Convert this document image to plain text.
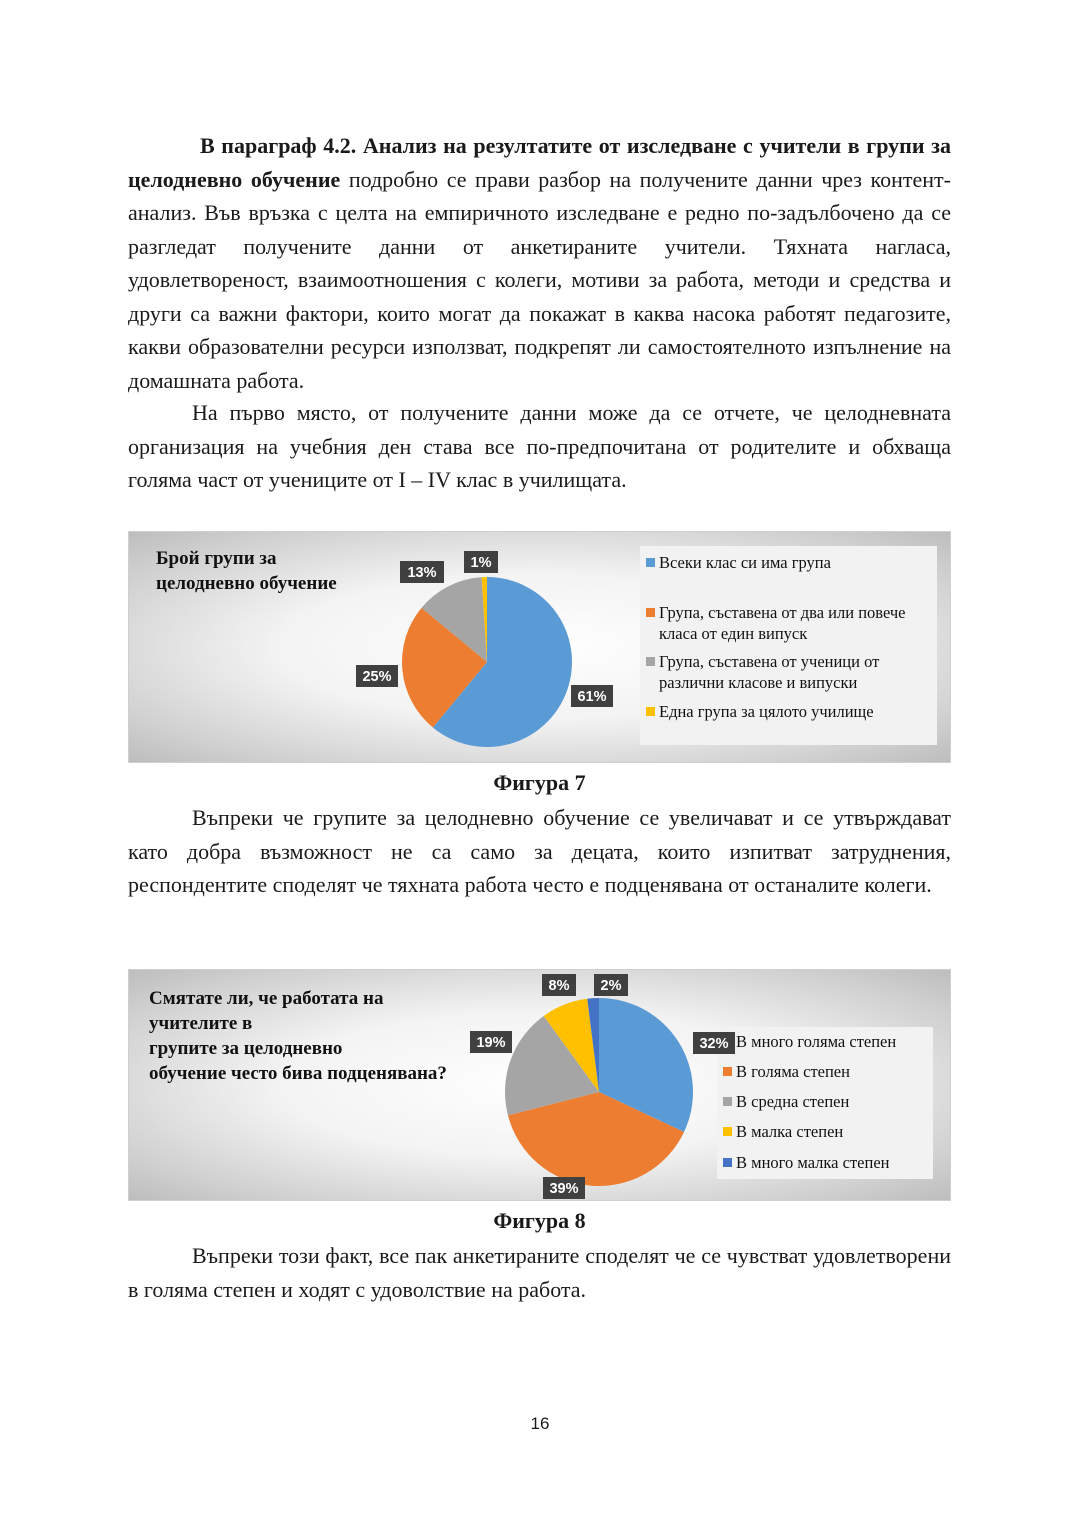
В параграф 4.2. Анализ на резултатите от изследване с учители в групи за целодневно обучение подробно се прави разбор на получените данни чрез контент-анализ. Във връзка с целта на емпиричното изследване е редно по-задълбочено да се разгледат получените данни от анкетираните учители. Тяхната нагласа, удовлетвореност, взаимоотношения с колеги, мотиви за работа, методи и средства и други са важни фактори, които могат да покажат в каква насока работят педагозите, какви образователни ресурси използват, подкрепят ли самостоятелното изпълнение на домашната работа.

На първо място, от получените данни може да се отчете, че целодневната организация на учебния ден става все по-предпочитана от родителите и обхваща голяма част от учениците от I – IV клас в училищата.

Брой групи за
целодневно обучение
61%
25%
13%
1%	Всеки клас си има група
Група, съставена от два или повече класа от един випуск
Група, съставена от ученици от различни класове и випуски
Една група за цялото училище

Фигура 7

Въпреки че групите за целодневно обучение се увеличават и се утвърждават като добра възможност не са само за децата, които изпитват затруднения, респондентите споделят че тяхната работа често е подценявана от останалите колеги.

Смятате ли, че работата на
учителите в
групите за целодневно
обучение често бива подценявана?
В много голяма степен
В голяма степен
В средна степен
В малка степен
В много малка степен
32%
39%
19%
8% 2%

Фигура 8

Въпреки този факт, все пак анкетираните споделят че се чувстват удовлетворени в голяма степен и ходят с удоволствие на работа.

16
